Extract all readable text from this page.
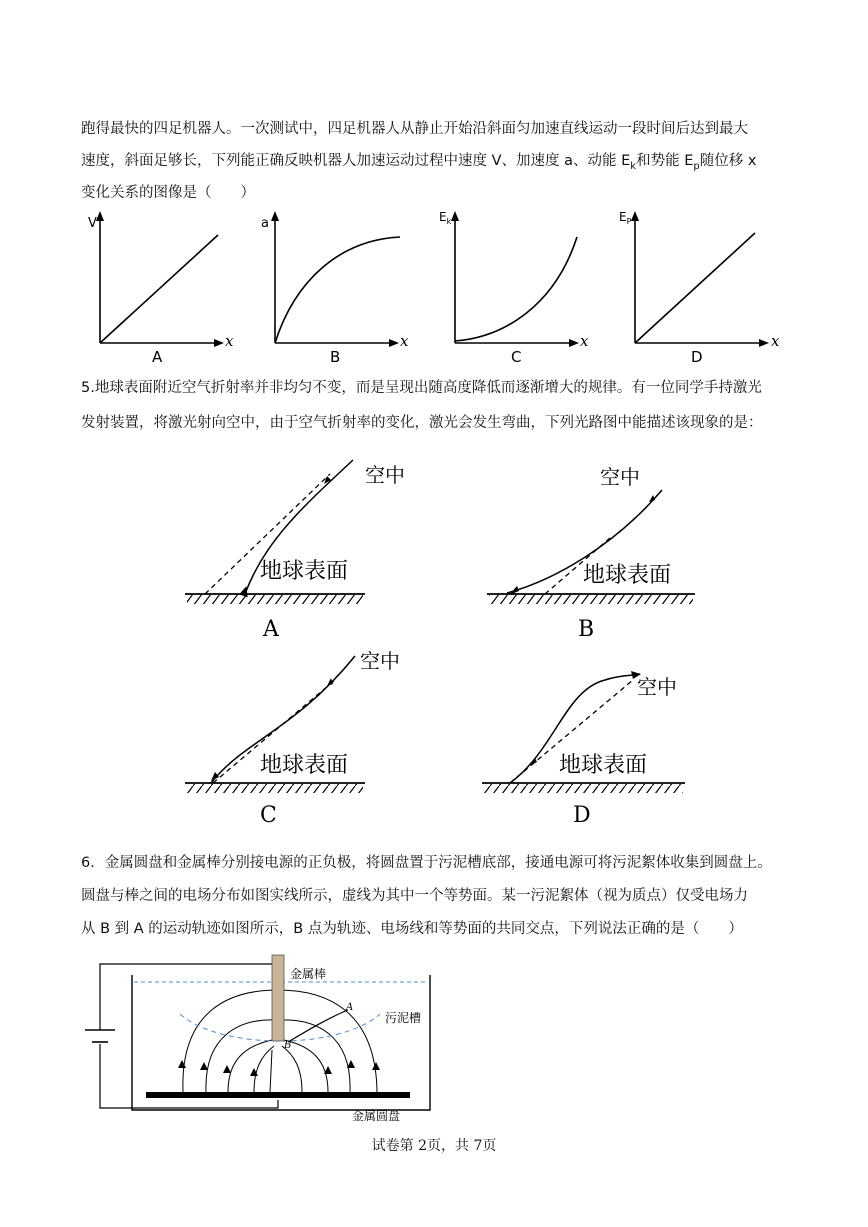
跑得最快的四足机器人。一次测试中，四足机器人从静止开始沿斜面匀加速直线运动一段时间后达到最大
速度，斜面足够长，下列能正确反映机器人加速运动过程中速度 V、加速度 a、动能 $E_k$和势能 $E_p$随位移 x
变化关系的图像是（　　）
V
x
A
a
x
B
$E_k$
x
C
$E_P$
x
D
5.地球表面附近空气折射率并非均匀不变，而是呈现出随高度降低而逐渐增大的规律。有一位同学手持激光
发射装置，将激光射向空中，由于空气折射率的变化，激光会发生弯曲，下列光路图中能描述该现象的是：
空中
地球表面
A
空中
地球表面
B
空中
地球表面
C
空中
地球表面
D
6．金属圆盘和金属棒分别接电源的正负极，将圆盘置于污泥槽底部，接通电源可将污泥絮体收集到圆盘上。
圆盘与棒之间的电场分布如图实线所示，虚线为其中一个等势面。某一污泥絮体（视为质点）仅受电场力
从 B 到 A 的运动轨迹如图所示，B 点为轨迹、电场线和等势面的共同交点，下列说法正确的是（　　）
金属棒
污泥槽
金属圆盘
A
B
试卷第 2页，共 7页
